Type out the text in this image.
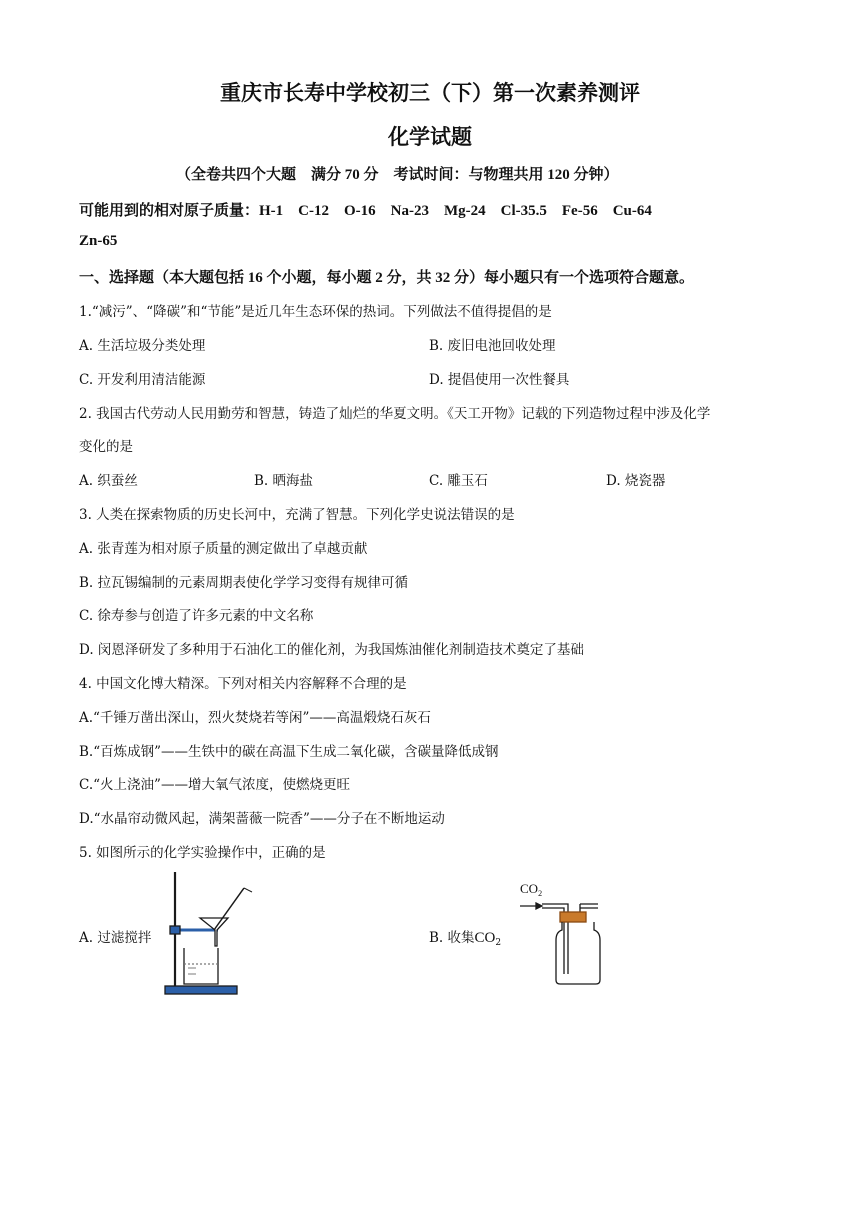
重庆市长寿中学校初三（下）第一次素养测评
化学试题
（全卷共四个大题　满分 70 分　考试时间：与物理共用 120 分钟）
可能用到的相对原子质量：H-1　C-12　O-16　Na-23　Mg-24　Cl-35.5　Fe-56　Cu-64
Zn-65
一、选择题（本大题包括 16 个小题，每小题 2 分，共 32 分）每小题只有一个选项符合题意。
1.“减污”、“降碳”和“节能”是近几年生态环保的热词。下列做法不值得提倡的是
A. 生活垃圾分类处理	B. 废旧电池回收处理
C. 开发利用清洁能源	D. 提倡使用一次性餐具
2. 我国古代劳动人民用勤劳和智慧，铸造了灿烂的华夏文明。《天工开物》记载的下列造物过程中涉及化学
变化的是
A. 织蚕丝	B. 晒海盐	C. 雕玉石	D. 烧瓷器
3. 人类在探索物质的历史长河中，充满了智慧。下列化学史说法错误的是
A. 张青莲为相对原子质量的测定做出了卓越贡献
B. 拉瓦锡编制的元素周期表使化学学习变得有规律可循
C. 徐寿参与创造了许多元素的中文名称
D. 闵恩泽研发了多种用于石油化工的催化剂，为我国炼油催化剂制造技术奠定了基础
4. 中国文化博大精深。下列对相关内容解释不合理的是
A.“千锤万凿出深山，烈火焚烧若等闲”——高温煅烧石灰石
B.“百炼成钢”——生铁中的碳在高温下生成二氧化碳，含碳量降低成钢
C.“火上浇油”——增大氧气浓度，使燃烧更旺
D.“水晶帘动微风起，满架蔷薇一院香”——分子在不断地运动
5. 如图所示的化学实验操作中，正确的是
A. 过滤搅拌	B. 收集$CO_2$
$CO_2$
